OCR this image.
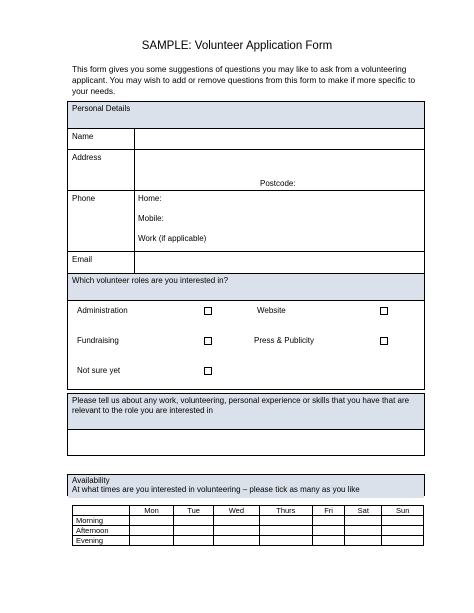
SAMPLE: Volunteer Application Form
This form gives you some suggestions of questions you may like to ask from a volunteering applicant. You may wish to add or remove questions from this form to make if more specific to your needs.
Personal Details
Name
Address
Postcode:
Phone	Home:
Mobile:
Work (if applicable)
Email
Which volunteer roles are you interested in?
Administration	Website
Fundraising	Press & Publicity
Not sure yet
Please tell us about any work, volunteering, personal experience or skills that you have that are relevant to the role you are interested in
Availability
At what times are you interested in volunteering – please tick as many as you like
	Mon	Tue	Wed	Thurs	Fri	Sat	Sun
Morning							
Afternoon							
Evening							
